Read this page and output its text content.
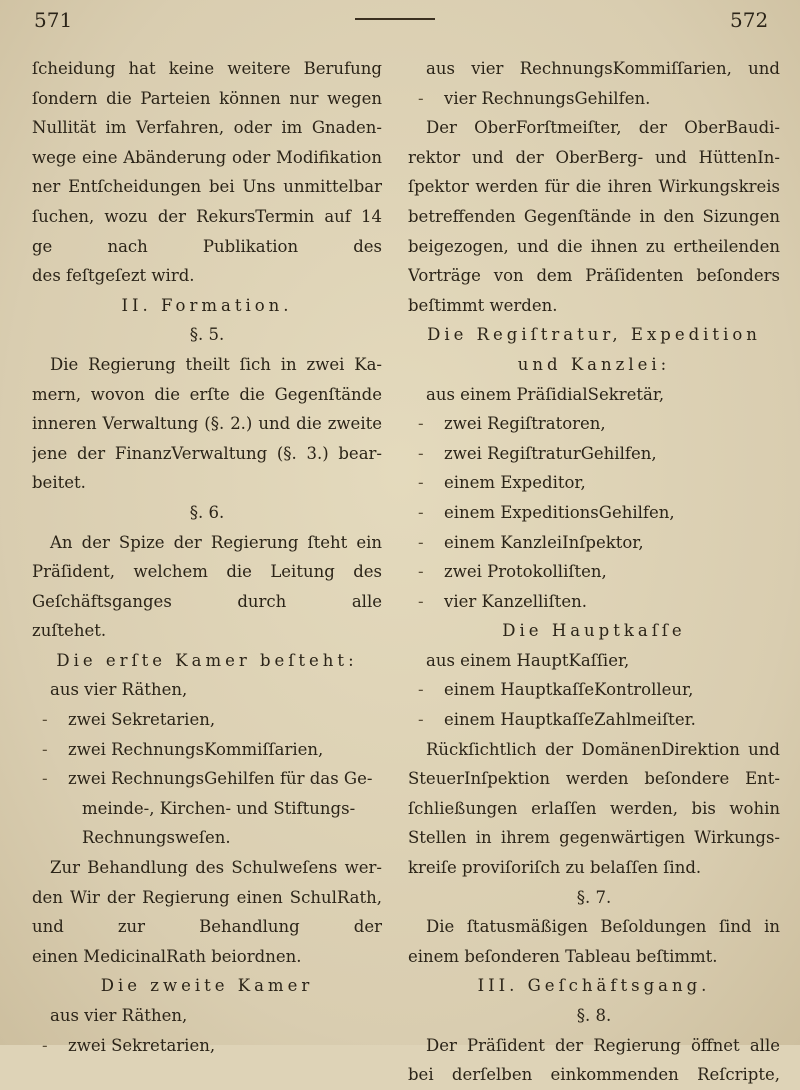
571	572
ſcheidung hat keine weitere Berufung
ſondern die Parteien können nur wegen
Nullität im Verfahren, oder im Gnaden-
wege eine Abänderung oder Modifikation
ner Entſcheidungen bei Uns unmittelbar
ſuchen, wozu der RekursTermin auf 14
ge nach Publikation des
des feſtgeſezt wird.
II. Formation.
§. 5.
Die Regierung theilt ſich in zwei Ka-
mern, wovon die erſte die Gegenſtände
inneren Verwaltung (§. 2.) und die zweite
jene der FinanzVerwaltung (§. 3.) bear-
beitet.
§. 6.
An der Spize der Regierung ſteht ein
Präſident, welchem die Leitung des
Geſchäftsganges durch alle
zuſtehet.
Die erſte Kamer beſteht:
aus vier Räthen,
- zwei Sekretarien,
- zwei RechnungsKommiſſarien,
- zwei RechnungsGehilfen für das Ge-
meinde-, Kirchen- und Stiftungs-
Rechnungsweſen.
Zur Behandlung des Schulweſens wer-
den Wir der Regierung einen SchulRath,
und zur Behandlung der
einen MedicinalRath beiordnen.
Die zweite Kamer
aus vier Räthen,
- zwei Sekretarien,
aus vier RechnungsKommiſſarien, und
- vier RechnungsGehilfen.
Der OberForſtmeiſter, der OberBaudi-
rektor und der OberBerg- und HüttenIn-
ſpektor werden für die ihren Wirkungskreis
betreffenden Gegenſtände in den Sizungen
beigezogen, und die ihnen zu ertheilenden
Vorträge von dem Präſidenten beſonders
beſtimmt werden.
Die Regiſtratur, Expedition
und Kanzlei:
aus einem PräſidialSekretär,
- zwei Regiſtratoren,
- zwei RegiſtraturGehilfen,
- einem Expeditor,
- einem ExpeditionsGehilfen,
- einem KanzleiInſpektor,
- zwei Protokolliſten,
- vier Kanzelliſten.
Die Hauptkaſſe
aus einem HauptKaſſier,
- einem HauptkaſſeKontrolleur,
- einem HauptkaſſeZahlmeiſter.
Rückſichtlich der DomänenDirektion und
SteuerInſpektion werden beſondere Ent-
ſchließungen erlaſſen werden, bis wohin
Stellen in ihrem gegenwärtigen Wirkungs-
kreiſe proviſoriſch zu belaſſen ſind.
§. 7.
Die ſtatusmäßigen Beſoldungen ſind in
einem beſonderen Tableau beſtimmt.
III. Geſchäftsgang.
§. 8.
Der Präſident der Regierung öffnet alle
bei derſelben einkommenden Reſcripte,
